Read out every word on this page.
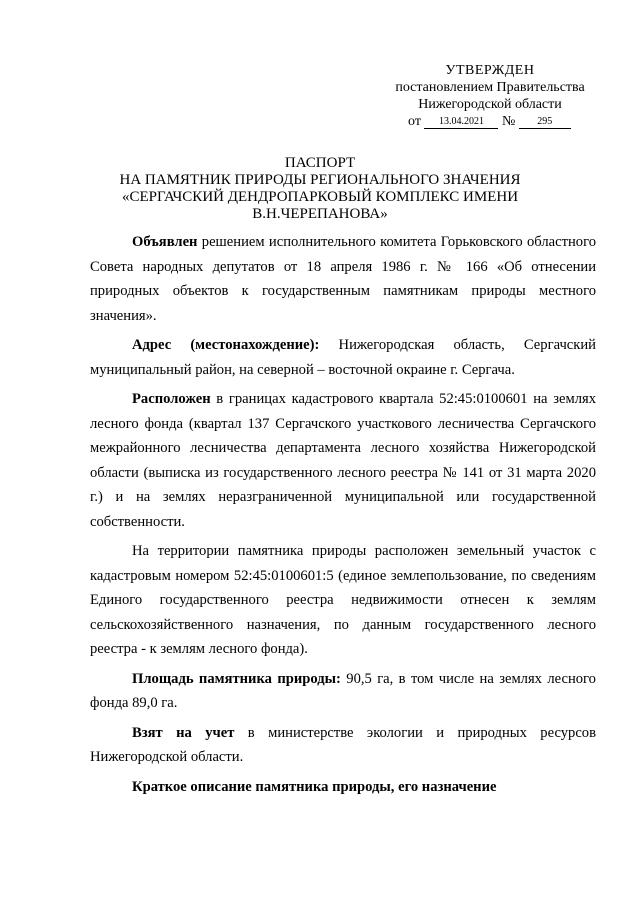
УТВЕРЖДЕН
постановлением Правительства
Нижегородской области
от 13.04.2021 № 295
ПАСПОРТ
НА ПАМЯТНИК ПРИРОДЫ РЕГИОНАЛЬНОГО ЗНАЧЕНИЯ
«СЕРГАЧСКИЙ ДЕНДРОПАРКОВЫЙ КОМПЛЕКС ИМЕНИ
В.Н.ЧЕРЕПАНОВА»

Объявлен решением исполнительного комитета Горьковского областного Совета народных депутатов от 18 апреля 1986 г. № 166 «Об отнесении природных объектов к государственным памятникам природы местного значения».

Адрес (местонахождение): Нижегородская область, Сергачский муниципальный район, на северной – восточной окраине г. Сергача.

Расположен в границах кадастрового квартала 52:45:0100601 на землях лесного фонда (квартал 137 Сергачского участкового лесничества Сергачского межрайонного лесничества департамента лесного хозяйства Нижегородской области (выписка из государственного лесного реестра № 141 от 31 марта 2020 г.) и на землях неразграниченной муниципальной или государственной собственности.

На территории памятника природы расположен земельный участок с кадастровым номером 52:45:0100601:5 (единое землепользование, по сведениям Единого государственного реестра недвижимости отнесен к землям сельскохозяйственного назначения, по данным государственного лесного реестра - к землям лесного фонда).

Площадь памятника природы: 90,5 га, в том числе на землях лесного фонда 89,0 га.

Взят на учет в министерстве экологии и природных ресурсов Нижегородской области.

Краткое описание памятника природы, его назначение
